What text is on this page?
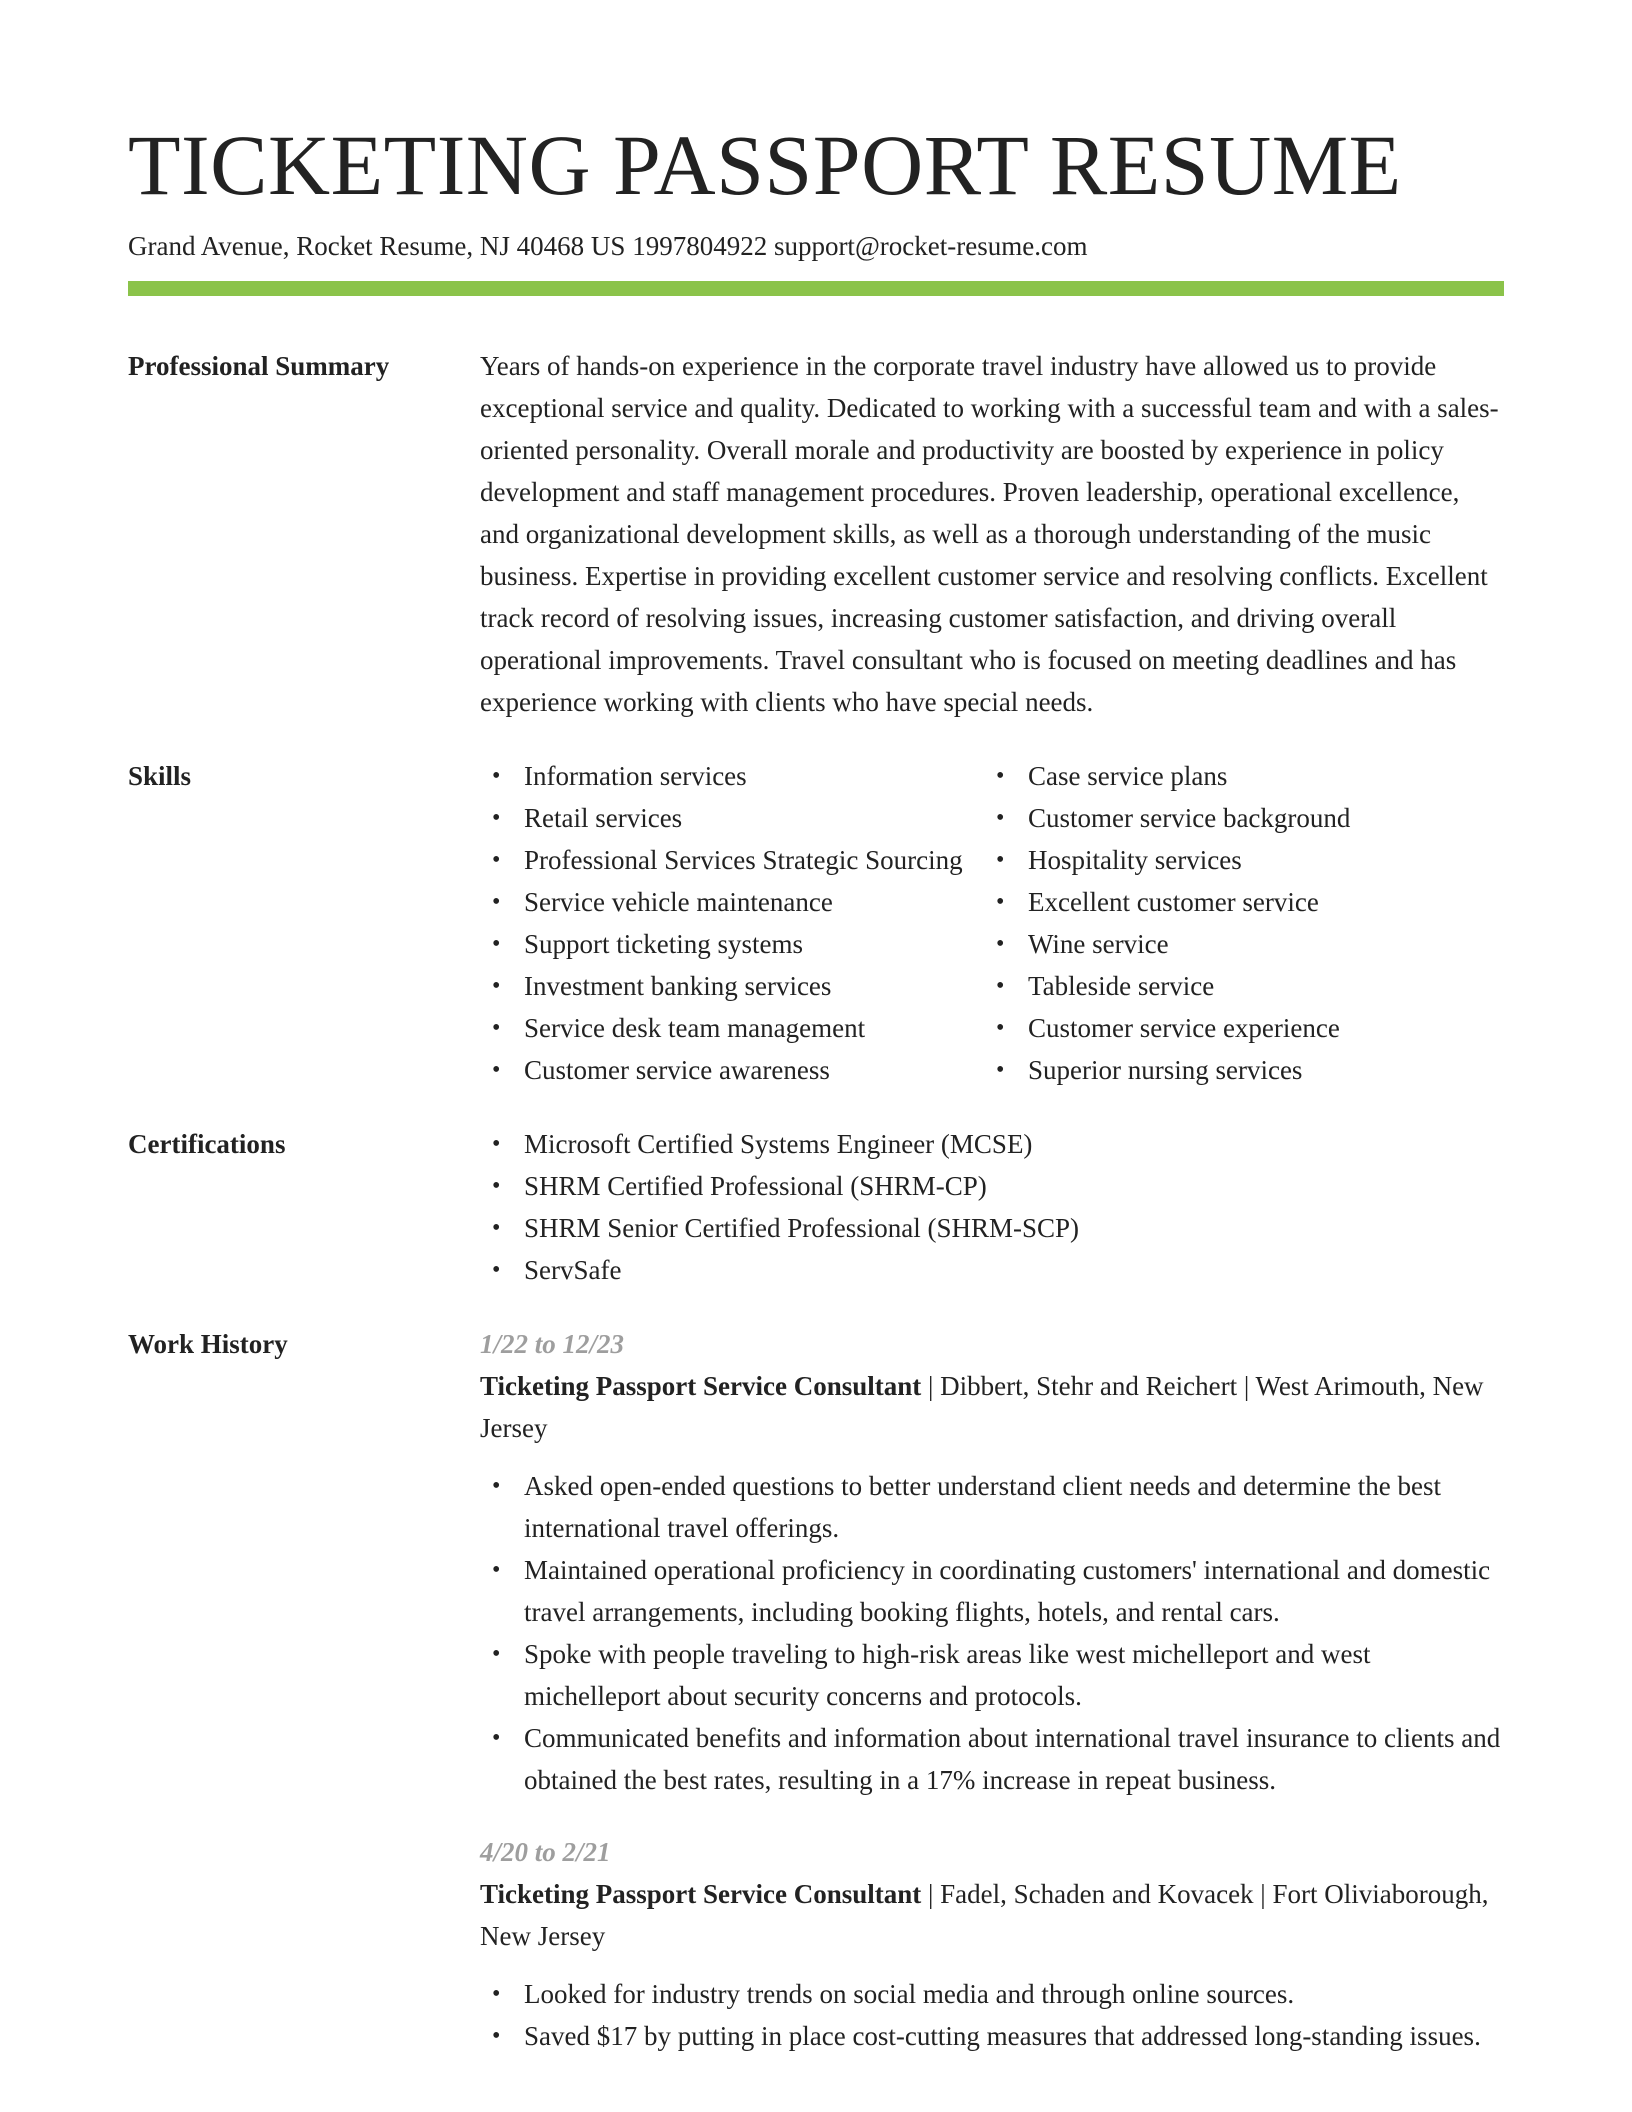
TICKETING PASSPORT RESUME
Grand Avenue, Rocket Resume, NJ 40468 US 1997804922 support@rocket-resume.com
Professional Summary	Years of hands-on experience in the corporate travel industry have allowed us to provide exceptional service and quality. Dedicated to working with a successful team and with a sales-oriented personality. Overall morale and productivity are boosted by experience in policy development and staff management procedures. Proven leadership, operational excellence, and organizational development skills, as well as a thorough understanding of the music business. Expertise in providing excellent customer service and resolving conflicts. Excellent track record of resolving issues, increasing customer satisfaction, and driving overall operational improvements. Travel consultant who is focused on meeting deadlines and has experience working with clients who have special needs.

Skills	• Information services
• Retail services
• Professional Services Strategic Sourcing
• Service vehicle maintenance
• Support ticketing systems
• Investment banking services
• Service desk team management
• Customer service awareness
• Case service plans
• Customer service background
• Hospitality services
• Excellent customer service
• Wine service
• Tableside service
• Customer service experience
• Superior nursing services
Certifications	• Microsoft Certified Systems Engineer (MCSE)
• SHRM Certified Professional (SHRM-CP)
• SHRM Senior Certified Professional (SHRM-SCP)
• ServSafe
Work History	1/22 to 12/23
Ticketing Passport Service Consultant | Dibbert, Stehr and Reichert | West Arimouth, New Jersey
• Asked open-ended questions to better understand client needs and determine the best international travel offerings.
• Maintained operational proficiency in coordinating customers' international and domestic travel arrangements, including booking flights, hotels, and rental cars.
• Spoke with people traveling to high-risk areas like west michelleport and west michelleport about security concerns and protocols.
• Communicated benefits and information about international travel insurance to clients and obtained the best rates, resulting in a 17% increase in repeat business.
4/20 to 2/21
Ticketing Passport Service Consultant | Fadel, Schaden and Kovacek | Fort Oliviaborough, New Jersey
• Looked for industry trends on social media and through online sources.
• Saved $17 by putting in place cost-cutting measures that addressed long-standing issues.
